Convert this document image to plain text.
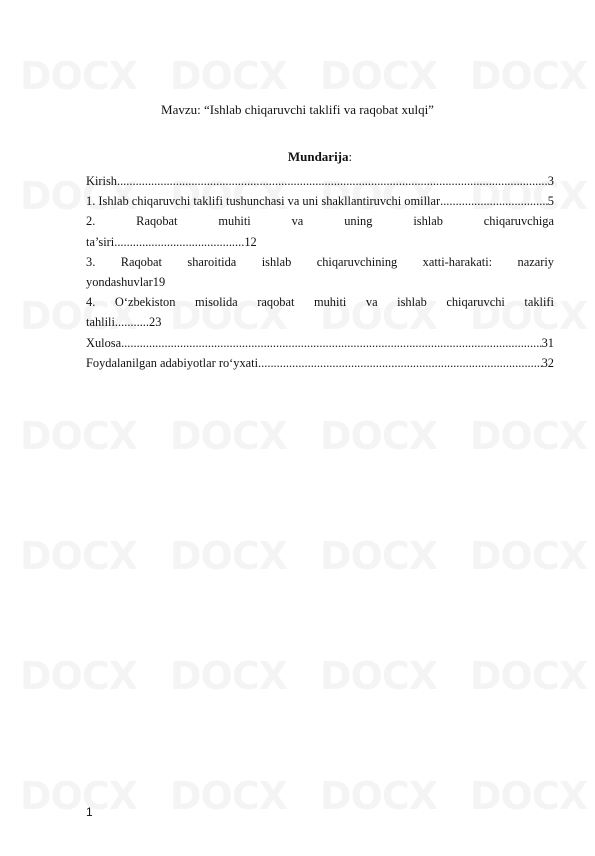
Mavzu: “Ishlab chiqaruvchi taklifi va raqobat xulqi”
Mundarija:
Kirish .....	3
1. Ishlab chiqaruvchi taklifi tushunchasi va uni shakllantiruvchi omillar .....	5
2. Raqobat muhiti va uning ishlab chiqaruvchiga
ta’siri..........................................12
3. Raqobat sharoitida ishlab chiqaruvchining xatti-harakati: nazariy
yondashuvlar19
4. O‘zbekiston misolida raqobat muhiti va ishlab chiqaruvchi taklifi
tahlili...........23
Xulosa .....	31
Foydalanilgan adabiyotlar ro‘yxati .....	32
1
